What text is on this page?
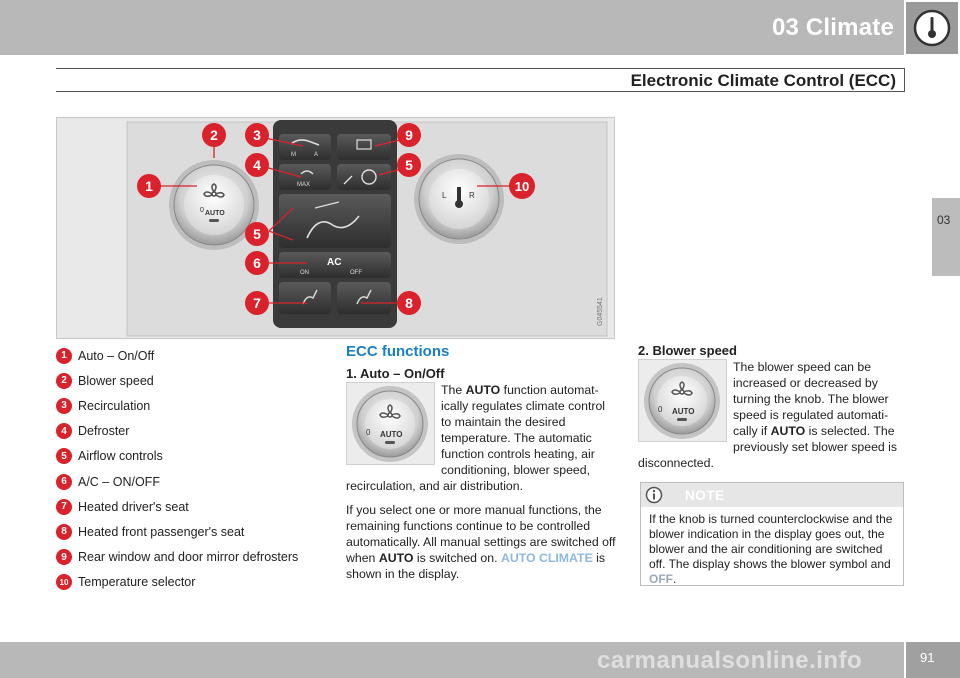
03 Climate
Electronic Climate Control (ECC)
03
M	A
MAX
AC
ON	OFF
0 AUTO
L	R
1
2	3
4
5
6
7	8
9
5
10
G045541
1 Auto – On/Off
2 Blower speed
3 Recirculation
4 Defroster
5 Airflow controls
6 A/C – ON/OFF
7 Heated driver's seat
8 Heated front passenger's seat
9 Rear window and door mirror defrosters
10 Temperature selector
ECC functions
1. Auto – On/Off
0 AUTO

The AUTO function automatically regulates climate control to maintain the desired temperature. The automatic function controls heating, air conditioning, blower speed, recirculation, and air distribution.

If you select one or more manual functions, the remaining functions continue to be controlled automatically. All manual settings are switched off when AUTO is switched on. AUTO CLIMATE is shown in the display.

2. Blower speed
0 AUTO

The blower speed can be increased or decreased by turning the knob. The blower speed is regulated automatically if AUTO is selected. The previously set blower speed is disconnected.

NOTE
If the knob is turned counterclockwise and the blower indication in the display goes out, the blower and the air conditioning are switched off. The display shows the blower symbol and OFF.
carmanualsonline.info	91
